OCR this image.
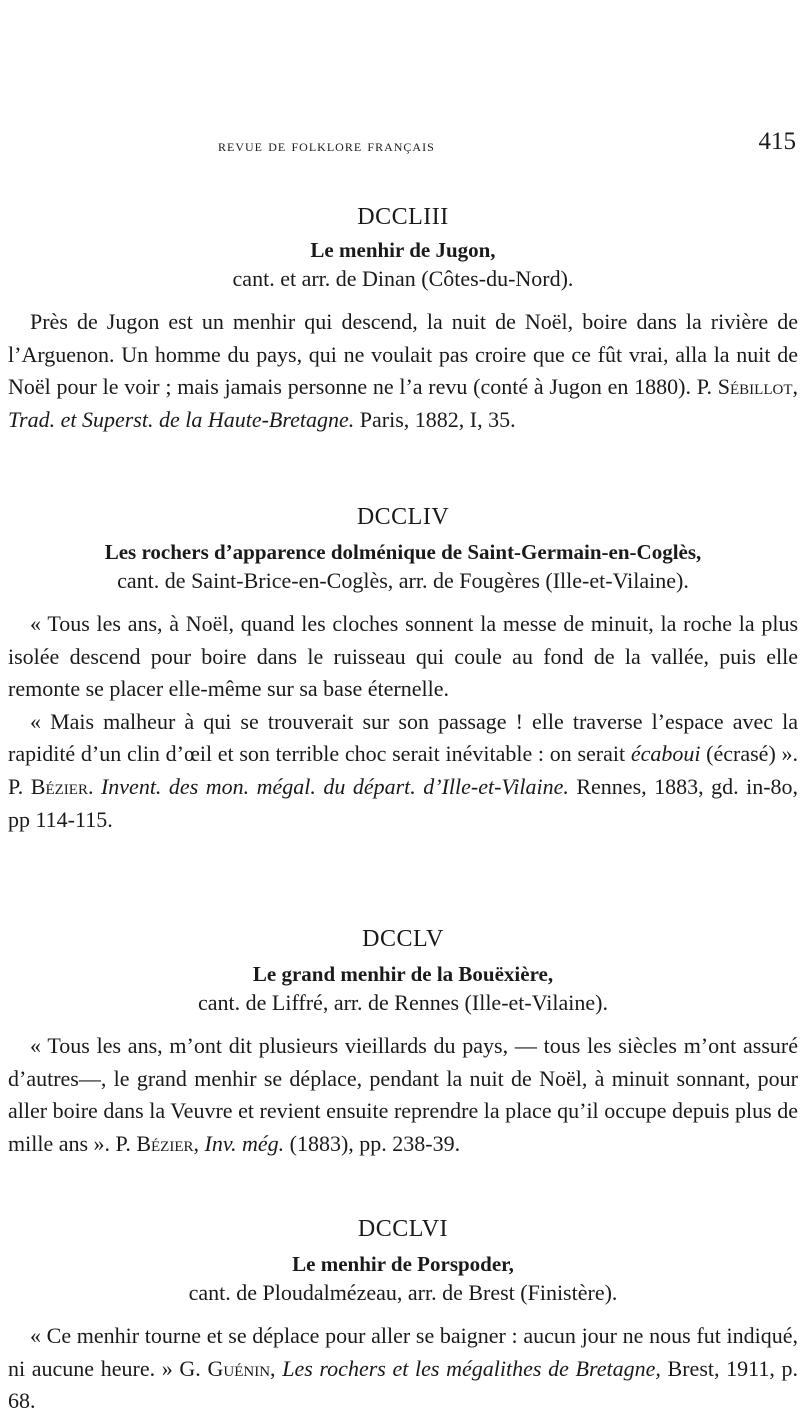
revue de folklore français	415
DCCLIII
Le menhir de Jugon,
cant. et arr. de Dinan (Côtes-du-Nord).

Près de Jugon est un menhir qui descend, la nuit de Noël, boire dans la rivière de l’Arguenon. Un homme du pays, qui ne voulait pas croire que ce fût vrai, alla la nuit de Noël pour le voir ; mais jamais personne ne l’a revu (conté à Jugon en 1880). P. Sébillot, Trad. et Superst. de la Haute-Bretagne. Paris, 1882, I, 35.

DCCLIV
Les rochers d’apparence dolménique de Saint-Germain-en-Coglès,
cant. de Saint-Brice-en-Coglès, arr. de Fougères (Ille-et-Vilaine).

« Tous les ans, à Noël, quand les cloches sonnent la messe de minuit, la roche la plus isolée descend pour boire dans le ruisseau qui coule au fond de la vallée, puis elle remonte se placer elle-même sur sa base éternelle.

« Mais malheur à qui se trouverait sur son passage ! elle traverse l’espace avec la rapidité d’un clin d’œil et son terrible choc serait inévitable : on serait écaboui (écrasé) ». P. Bézier. Invent. des mon. mégal. du départ. d’Ille-et-Vilaine. Rennes, 1883, gd. in-8o, pp 114-115.

DCCLV
Le grand menhir de la Bouëxière,
cant. de Liffré, arr. de Rennes (Ille-et-Vilaine).

« Tous les ans, m’ont dit plusieurs vieillards du pays, — tous les siècles m’ont assuré d’autres—, le grand menhir se déplace, pendant la nuit de Noël, à minuit sonnant, pour aller boire dans la Veuvre et revient ensuite reprendre la place qu’il occupe depuis plus de mille ans ». P. Bézier, Inv. még. (1883), pp. 238-39.

DCCLVI
Le menhir de Porspoder,
cant. de Ploudalmézeau, arr. de Brest (Finistère).

« Ce menhir tourne et se déplace pour aller se baigner : aucun jour ne nous fut indiqué, ni aucune heure. » G. Guénin, Les rochers et les mégalithes de Bretagne, Brest, 1911, p. 68.
